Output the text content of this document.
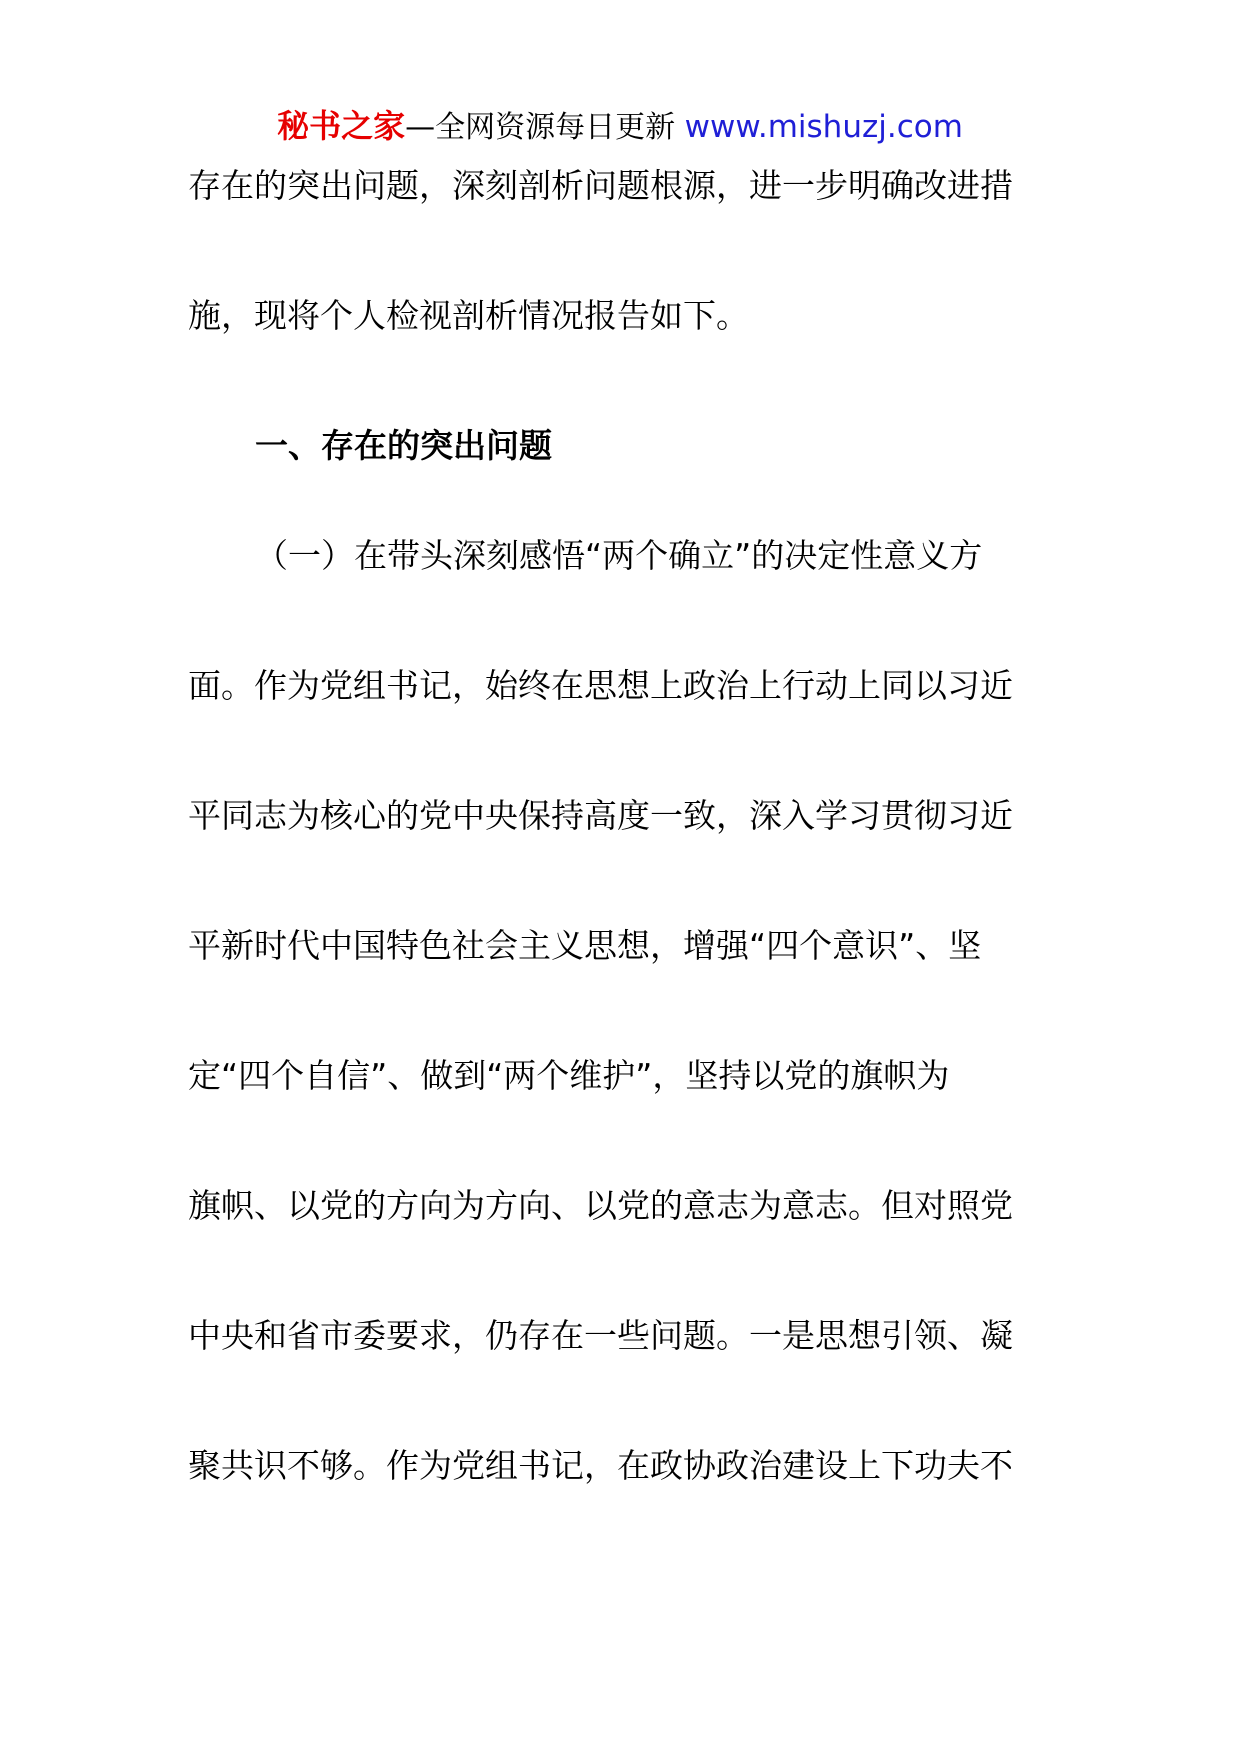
秘书之家—全网资源每日更新 www.mishuzj.com
存在的突出问题，深刻剖析问题根源，进一步明确改进措
施，现将个人检视剖析情况报告如下。
一、存在的突出问题
（一）在带头深刻感悟“两个确立”的决定性意义方
面。作为党组书记，始终在思想上政治上行动上同以习近
平同志为核心的党中央保持高度一致，深入学习贯彻习近
平新时代中国特色社会主义思想，增强“四个意识”、坚
定“四个自信”、做到“两个维护”，坚持以党的旗帜为
旗帜、以党的方向为方向、以党的意志为意志。但对照党
中央和省市委要求，仍存在一些问题。一是思想引领、凝
聚共识不够。作为党组书记，在政协政治建设上下功夫不
